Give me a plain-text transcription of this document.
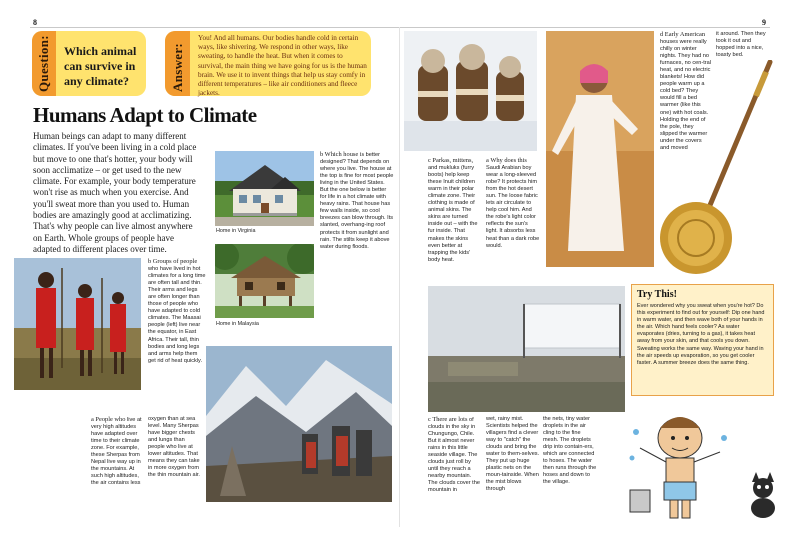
8	9
Question: Which animal can survive in any climate?	Answer:
You! And all humans. Our bodies handle cold in certain ways, like shivering. We respond in other ways, like sweating, to handle the heat. But when it comes to survival, the main thing we have going for us is the human brain. We use it to invent things that help us stay comfy in different temperatures – like air conditioners and fleece jackets.
Humans Adapt to Climate
Human beings can adapt to many different climates. If you've been living in a cold place but move to one that's hotter, your body will soon acclimatize – or get used to the new climate. For example, your body temperature won't rise as much when you exercise. And you'll sweat more than you used to. Human bodies are amazingly good at acclimatizing. That's why people can live almost anywhere on Earth. Whole groups of people have adapted to different places over time.
Home in Virginia
Home in Malaysia
b Which house is better designed? That depends on where you live. The house at the top is fine for most people living in the United States. But the one below is better for life in a hot climate with heavy rains. That house has few walls inside, so cool breezes can blow through. Its slanted, overhang-ing roof protects it from sunlight and rain. The stilts keep it above water during floods.
b Groups of people who have lived in hot climates for a long time are often tall and thin. Their arms and legs are often longer than those of people who have adapted to cold climates. The Maasai people (left) live near the equator, in East Africa. Their tall, thin bodies and long legs and arms help them get rid of heat quickly.
a People who live at very high altitudes have adapted over time to their climate zone. For example, these Sherpas from Nepal live way up in the mountains. At such high altitudes, the air contains less
oxygen than at sea level. Many Sherpas have bigger chests and lungs than people who live at lower altitudes. That means they can take in more oxygen from the thin mountain air.
c Parkas, mittens, and mukluks (furry boots) help keep these Inuit children warm in their polar climate zone. Their clothing is made of animal skins. The skins are turned inside out – with the fur inside. That makes the skins even better at trapping the kids' body heat.
a Why does this Saudi Arabian boy wear a long-sleeved robe? It protects him from the hot desert sun. The loose fabric lets air circulate to help cool him. And the robe's light color reflects the sun's light. It absorbs less heat than a dark robe would.
d Early American houses were really chilly on winter nights. They had no furnaces, no cen-tral heat, and no electric blankets! How did people warm up a cold bed? They would fill a bed warmer (like this one) with hot coals. Holding the end of the pole, they slipped the warmer under the covers and moved
it around. Then they took it out and hopped into a nice, toasty bed.
Try This!
Ever wondered why you sweat when you're hot? Do this experiment to find out for yourself: Dip one hand in warm water, and then wave both of your hands in the air. Which hand feels cooler? As water evaporates (dries, turning to a gas), it takes heat away from your skin, and that cools you down. Sweating works the same way. Waving your hand in the air speeds up evaporation, so you get cooler faster. A summer breeze does the same thing.
c There are lots of clouds in the sky in Chungungo, Chile. But it almost never rains in this little seaside village. The clouds just roll by until they reach a nearby mountain. The clouds cover the mountain in
wet, rainy mist. Scientists helped the villagers find a clever way to "catch" the clouds and bring the water to them-selves. They put up huge plastic nets on the moun-tainside. When the mist blows through
the nets, tiny water droplets in the air cling to the fine mesh. The droplets drip into contain-ers, which are connected to hoses. The water then runs through the hoses and down to the village.
